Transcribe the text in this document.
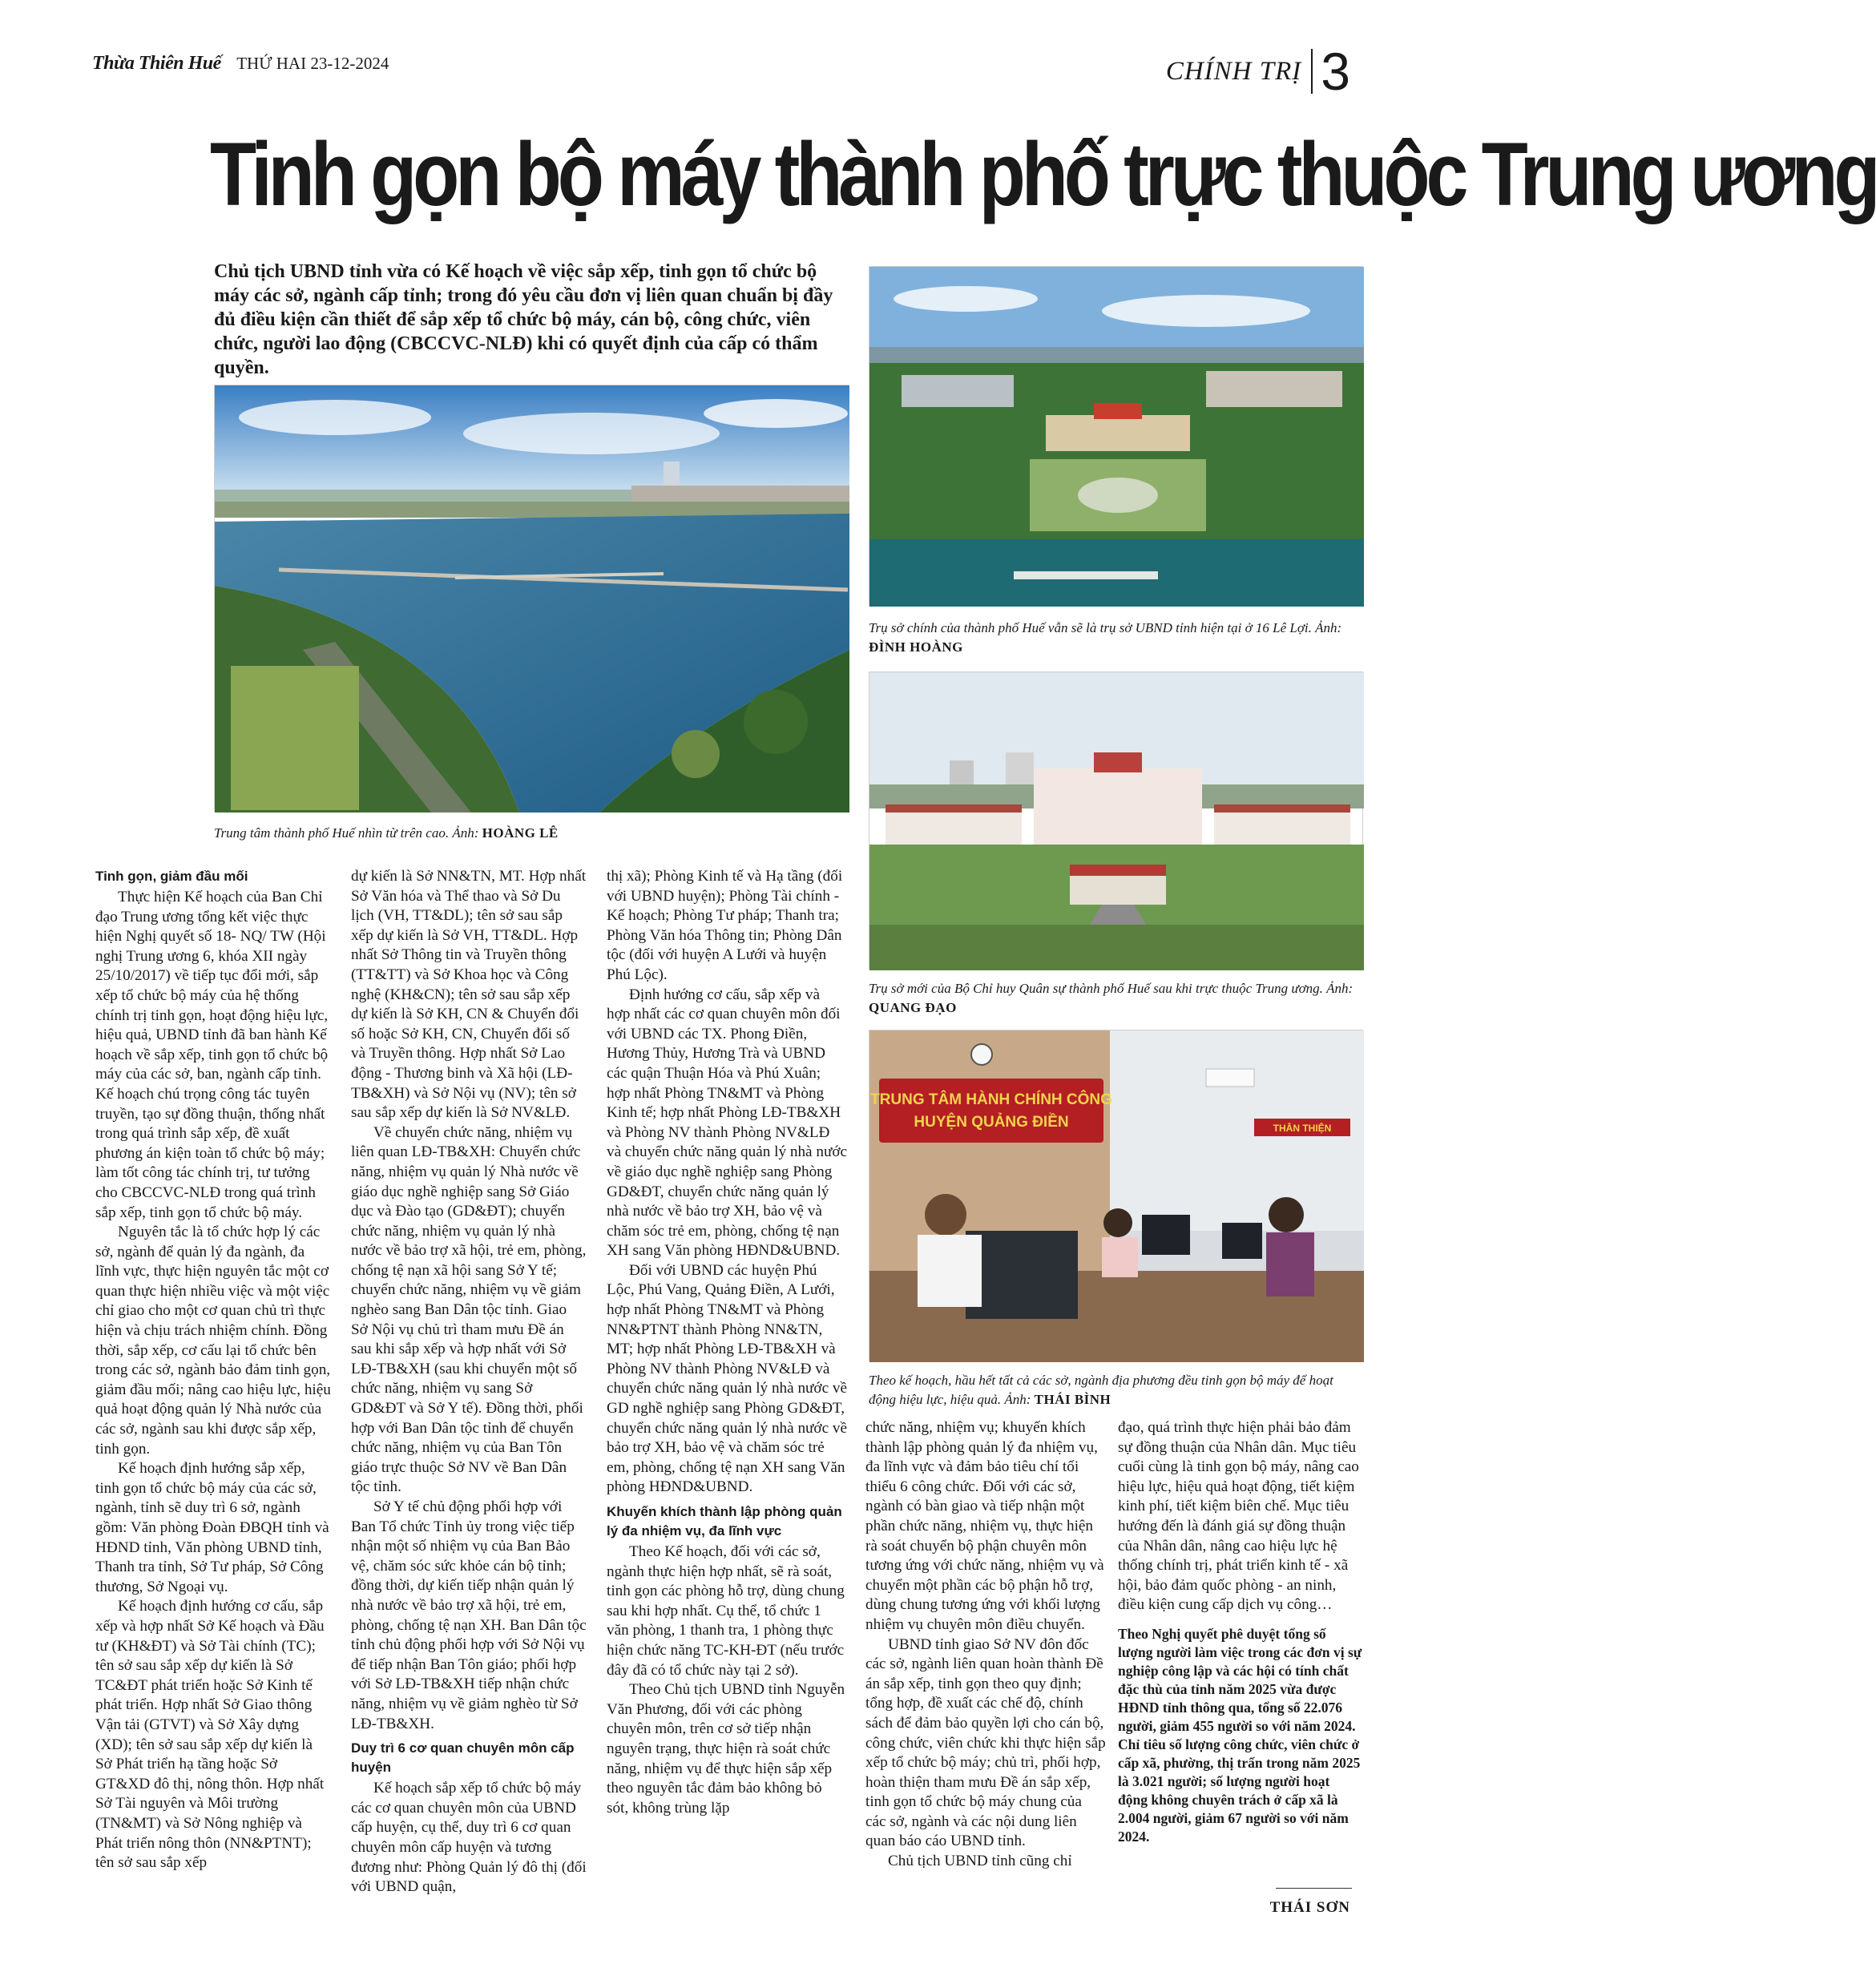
Thừa Thiên Huế THỨ HAI 23-12-2024	CHÍNH TRỊ 3
Tinh gọn bộ máy thành phố trực thuộc Trung ương
Chủ tịch UBND tỉnh vừa có Kế hoạch về việc sắp xếp, tinh gọn tổ chức bộ máy các sở, ngành cấp tỉnh; trong đó yêu cầu đơn vị liên quan chuẩn bị đầy đủ điều kiện cần thiết để sắp xếp tổ chức bộ máy, cán bộ, công chức, viên chức, người lao động (CBCCVC-NLĐ) khi có quyết định của cấp có thẩm quyền.
Trung tâm thành phố Huế nhìn từ trên cao. Ảnh: HOÀNG LÊ
Trụ sở chính của thành phố Huế vẫn sẽ là trụ sở UBND tỉnh hiện tại ở 16 Lê Lợi. Ảnh: ĐÌNH HOÀNG
Trụ sở mới của Bộ Chỉ huy Quân sự thành phố Huế sau khi trực thuộc Trung ương. Ảnh: QUANG ĐẠO
TRUNG TÂM HÀNH CHÍNH CÔNG
HUYỆN QUẢNG ĐIỀN	THÂN THIỆN
Theo kế hoạch, hầu hết tất cả các sở, ngành địa phương đều tinh gọn bộ máy để hoạt động hiệu lực, hiệu quả. Ảnh: THÁI BÌNH
Tinh gọn, giảm đầu mối

Thực hiện Kế hoạch của Ban Chỉ đạo Trung ương tổng kết việc thực hiện Nghị quyết số 18- NQ/ TW (Hội nghị Trung ương 6, khóa XII ngày 25/10/2017) về tiếp tục đổi mới, sắp xếp tổ chức bộ máy của hệ thống chính trị tinh gọn, hoạt động hiệu lực, hiệu quả, UBND tỉnh đã ban hành Kế hoạch về sắp xếp, tinh gọn tổ chức bộ máy của các sở, ban, ngành cấp tỉnh. Kế hoạch chú trọng công tác tuyên truyền, tạo sự đồng thuận, thống nhất trong quá trình sắp xếp, đề xuất phương án kiện toàn tổ chức bộ máy; làm tốt công tác chính trị, tư tưởng cho CBCCVC-NLĐ trong quá trình sắp xếp, tinh gọn tổ chức bộ máy.

Nguyên tắc là tổ chức hợp lý các sở, ngành để quản lý đa ngành, đa lĩnh vực, thực hiện nguyên tắc một cơ quan thực hiện nhiều việc và một việc chỉ giao cho một cơ quan chủ trì thực hiện và chịu trách nhiệm chính. Đồng thời, sắp xếp, cơ cấu lại tổ chức bên trong các sở, ngành bảo đảm tinh gọn, giảm đầu mối; nâng cao hiệu lực, hiệu quả hoạt động quản lý Nhà nước của các sở, ngành sau khi được sắp xếp, tinh gọn.

Kế hoạch định hướng sắp xếp, tinh gọn tổ chức bộ máy của các sở, ngành, tỉnh sẽ duy trì 6 sở, ngành gồm: Văn phòng Đoàn ĐBQH tỉnh và HĐND tỉnh, Văn phòng UBND tỉnh, Thanh tra tỉnh, Sở Tư pháp, Sở Công thương, Sở Ngoại vụ.

Kế hoạch định hướng cơ cấu, sắp xếp và hợp nhất Sở Kế hoạch và Đầu tư (KH&ĐT) và Sở Tài chính (TC); tên sở sau sắp xếp dự kiến là Sở TC&ĐT phát triển hoặc Sở Kinh tế phát triển. Hợp nhất Sở Giao thông Vận tải (GTVT) và Sở Xây dựng (XD); tên sở sau sắp xếp dự kiến là Sở Phát triển hạ tầng hoặc Sở GT&XD đô thị, nông thôn. Hợp nhất Sở Tài nguyên và Môi trường (TN&MT) và Sở Nông nghiệp và Phát triển nông thôn (NN&PTNT); tên sở sau sắp xếp

dự kiến là Sở NN&TN, MT. Hợp nhất Sở Văn hóa và Thể thao và Sở Du lịch (VH, TT&DL); tên sở sau sắp xếp dự kiến là Sở VH, TT&DL. Hợp nhất Sở Thông tin và Truyền thông (TT&TT) và Sở Khoa học và Công nghệ (KH&CN); tên sở sau sắp xếp dự kiến là Sở KH, CN & Chuyển đổi số hoặc Sở KH, CN, Chuyển đổi số và Truyền thông. Hợp nhất Sở Lao động - Thương binh và Xã hội (LĐ- TB&XH) và Sở Nội vụ (NV); tên sở sau sắp xếp dự kiến là Sở NV&LĐ.

Về chuyển chức năng, nhiệm vụ liên quan LĐ-TB&XH: Chuyển chức năng, nhiệm vụ quản lý Nhà nước về giáo dục nghề nghiệp sang Sở Giáo dục và Đào tạo (GD&ĐT); chuyển chức năng, nhiệm vụ quản lý nhà nước về bảo trợ xã hội, trẻ em, phòng, chống tệ nạn xã hội sang Sở Y tế; chuyển chức năng, nhiệm vụ về giảm nghèo sang Ban Dân tộc tỉnh. Giao Sở Nội vụ chủ trì tham mưu Đề án sau khi sắp xếp và hợp nhất với Sở LĐ-TB&XH (sau khi chuyển một số chức năng, nhiệm vụ sang Sở GD&ĐT và Sở Y tế). Đồng thời, phối hợp với Ban Dân tộc tỉnh để chuyển chức năng, nhiệm vụ của Ban Tôn giáo trực thuộc Sở NV về Ban Dân tộc tỉnh.

Sở Y tế chủ động phối hợp với Ban Tổ chức Tỉnh ủy trong việc tiếp nhận một số nhiệm vụ của Ban Bảo vệ, chăm sóc sức khỏe cán bộ tỉnh; đồng thời, dự kiến tiếp nhận quản lý nhà nước về bảo trợ xã hội, trẻ em, phòng, chống tệ nạn XH. Ban Dân tộc tỉnh chủ động phối hợp với Sở Nội vụ để tiếp nhận Ban Tôn giáo; phối hợp với Sở LĐ-TB&XH tiếp nhận chức năng, nhiệm vụ về giảm nghèo từ Sở LĐ-TB&XH.

Duy trì 6 cơ quan chuyên môn cấp huyện

Kế hoạch sắp xếp tổ chức bộ máy các cơ quan chuyên môn của UBND cấp huyện, cụ thể, duy trì 6 cơ quan chuyên môn cấp huyện và tương đương như: Phòng Quản lý đô thị (đối với UBND quận,

thị xã); Phòng Kinh tế và Hạ tầng (đối với UBND huyện); Phòng Tài chính - Kế hoạch; Phòng Tư pháp; Thanh tra; Phòng Văn hóa Thông tin; Phòng Dân tộc (đối với huyện A Lưới và huyện Phú Lộc).

Định hướng cơ cấu, sắp xếp và hợp nhất các cơ quan chuyên môn đối với UBND các TX. Phong Điền, Hương Thủy, Hương Trà và UBND các quận Thuận Hóa và Phú Xuân; hợp nhất Phòng TN&MT và Phòng Kinh tế; hợp nhất Phòng LĐ-TB&XH và Phòng NV thành Phòng NV&LĐ và chuyển chức năng quản lý nhà nước về giáo dục nghề nghiệp sang Phòng GD&ĐT, chuyển chức năng quản lý nhà nước về bảo trợ XH, bảo vệ và chăm sóc trẻ em, phòng, chống tệ nạn XH sang Văn phòng HĐND&UBND.

Đối với UBND các huyện Phú Lộc, Phú Vang, Quảng Điền, A Lưới, hợp nhất Phòng TN&MT và Phòng NN&PTNT thành Phòng NN&TN, MT; hợp nhất Phòng LĐ-TB&XH và Phòng NV thành Phòng NV&LĐ và chuyển chức năng quản lý nhà nước về GD nghề nghiệp sang Phòng GD&ĐT, chuyển chức năng quản lý nhà nước về bảo trợ XH, bảo vệ và chăm sóc trẻ em, phòng, chống tệ nạn XH sang Văn phòng HĐND&UBND.

Khuyến khích thành lập phòng quản lý đa nhiệm vụ, đa lĩnh vực

Theo Kế hoạch, đối với các sở, ngành thực hiện hợp nhất, sẽ rà soát, tinh gọn các phòng hỗ trợ, dùng chung sau khi hợp nhất. Cụ thể, tổ chức 1 văn phòng, 1 thanh tra, 1 phòng thực hiện chức năng TC-KH-ĐT (nếu trước đây đã có tổ chức này tại 2 sở).

Theo Chủ tịch UBND tỉnh Nguyễn Văn Phương, đối với các phòng chuyên môn, trên cơ sở tiếp nhận nguyên trạng, thực hiện rà soát chức năng, nhiệm vụ để thực hiện sắp xếp theo nguyên tắc đảm bảo không bỏ sót, không trùng lặp

chức năng, nhiệm vụ; khuyến khích thành lập phòng quản lý đa nhiệm vụ, đa lĩnh vực và đảm bảo tiêu chí tối thiểu 6 công chức. Đối với các sở, ngành có bàn giao và tiếp nhận một phần chức năng, nhiệm vụ, thực hiện rà soát chuyển bộ phận chuyên môn tương ứng với chức năng, nhiệm vụ và chuyển một phần các bộ phận hỗ trợ, dùng chung tương ứng với khối lượng nhiệm vụ chuyên môn điều chuyển.

UBND tỉnh giao Sở NV đôn đốc các sở, ngành liên quan hoàn thành Đề án sắp xếp, tinh gọn theo quy định; tổng hợp, đề xuất các chế độ, chính sách để đảm bảo quyền lợi cho cán bộ, công chức, viên chức khi thực hiện sắp xếp tổ chức bộ máy; chủ trì, phối hợp, hoàn thiện tham mưu Đề án sắp xếp, tinh gọn tổ chức bộ máy chung của các sở, ngành và các nội dung liên quan báo cáo UBND tỉnh.

Chủ tịch UBND tỉnh cũng chỉ

đạo, quá trình thực hiện phải bảo đảm sự đồng thuận của Nhân dân. Mục tiêu cuối cùng là tinh gọn bộ máy, nâng cao hiệu lực, hiệu quả hoạt động, tiết kiệm kinh phí, tiết kiệm biên chế. Mục tiêu hướng đến là đánh giá sự đồng thuận của Nhân dân, nâng cao hiệu lực hệ thống chính trị, phát triển kinh tế - xã hội, bảo đảm quốc phòng - an ninh, điều kiện cung cấp dịch vụ công…

Theo Nghị quyết phê duyệt tổng số lượng người làm việc trong các đơn vị sự nghiệp công lập và các hội có tính chất đặc thù của tỉnh năm 2025 vừa được HĐND tỉnh thông qua, tổng số 22.076 người, giảm 455 người so với năm 2024. Chỉ tiêu số lượng công chức, viên chức ở cấp xã, phường, thị trấn trong năm 2025 là 3.021 người; số lượng người hoạt động không chuyên trách ở cấp xã là 2.004 người, giảm 67 người so với năm 2024.
THÁI SƠN
